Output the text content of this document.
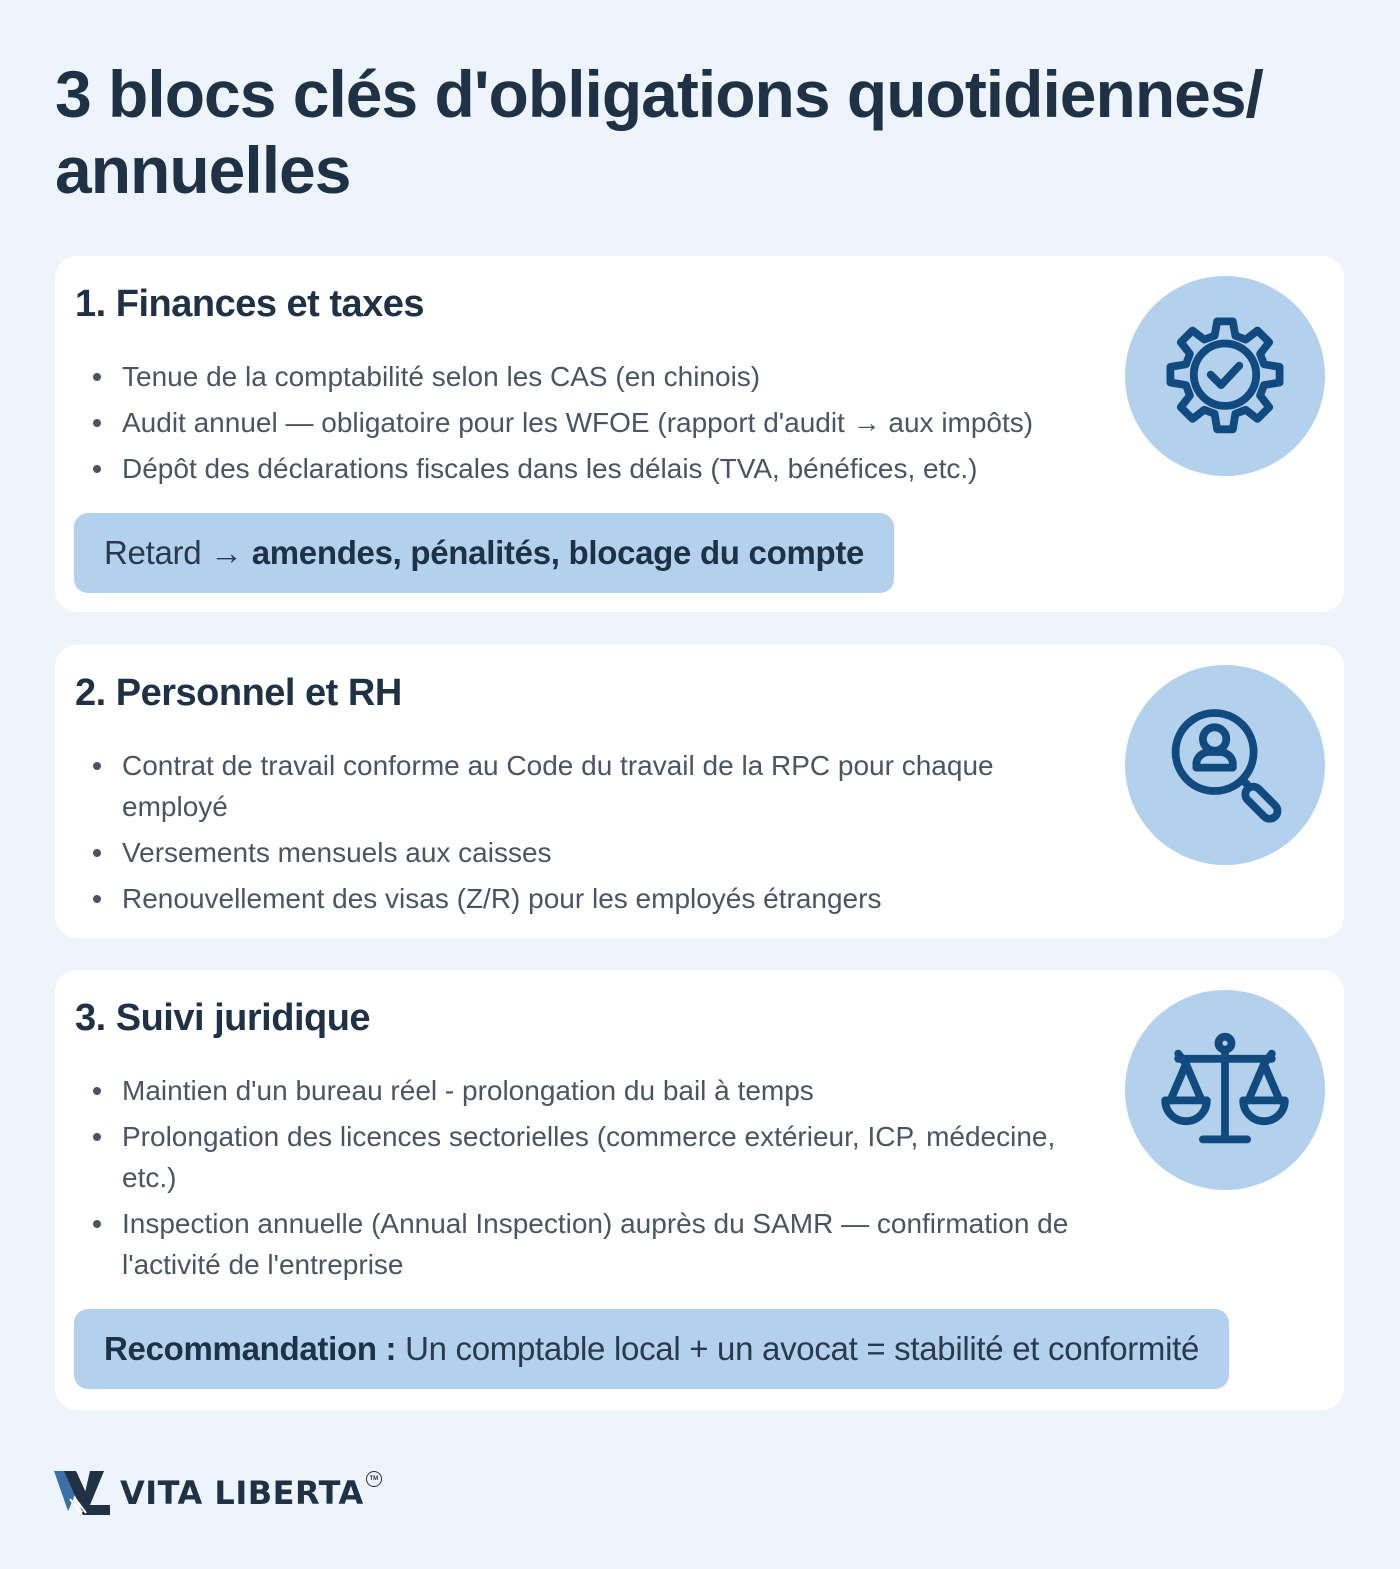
3 blocs clés d'obligations quotidiennes/ annuelles
1. Finances et taxes
Tenue de la comptabilité selon les CAS (en chinois)
Audit annuel — obligatoire pour les WFOE (rapport d'audit → aux impôts)
Dépôt des déclarations fiscales dans les délais (TVA, bénéfices, etc.)
Retard → amendes, pénalités, blocage du compte
2. Personnel et RH
Contrat de travail conforme au Code du travail de la RPC pour chaque employé
Versements mensuels aux caisses
Renouvellement des visas (Z/R) pour les employés étrangers
3. Suivi juridique
Maintien d'un bureau réel - prolongation du bail à temps
Prolongation des licences sectorielles (commerce extérieur, ICP, médecine, etc.)
Inspection annuelle (Annual Inspection) auprès du SAMR — confirmation de l'activité de l'entreprise
Recommandation : Un comptable local + un avocat = stabilité et conformité
VITA LIBERTA TM
